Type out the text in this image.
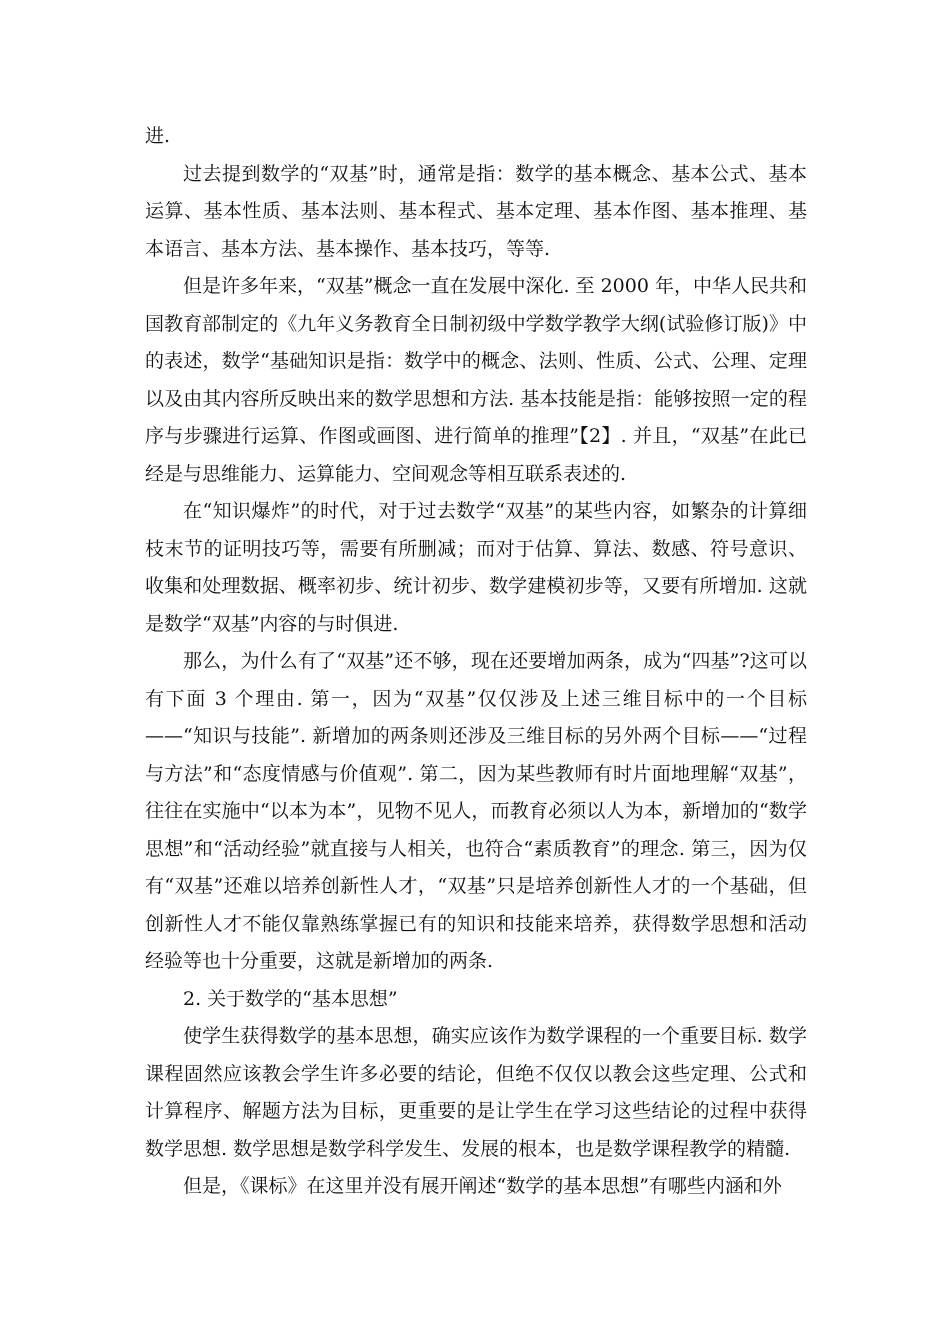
进.

过去提到数学的“双基”时，通常是指：数学的基本概念、基本公式、基本运算、基本性质、基本法则、基本程式、基本定理、基本作图、基本推理、基本语言、基本方法、基本操作、基本技巧，等等.

但是许多年来，“双基”概念一直在发展中深化. 至 2000 年，中华人民共和国教育部制定的《九年义务教育全日制初级中学数学教学大纲(试验修订版)》中的表述，数学“基础知识是指：数学中的概念、法则、性质、公式、公理、定理以及由其内容所反映出来的数学思想和方法. 基本技能是指：能够按照一定的程序与步骤进行运算、作图或画图、进行简单的推理”【2】. 并且，“双基”在此已经是与思维能力、运算能力、空间观念等相互联系表述的.

在“知识爆炸”的时代，对于过去数学“双基”的某些内容，如繁杂的计算细枝末节的证明技巧等，需要有所删减；而对于估算、算法、数感、符号意识、收集和处理数据、概率初步、统计初步、数学建模初步等，又要有所增加. 这就是数学“双基”内容的与时俱进.

那么，为什么有了“双基”还不够，现在还要增加两条，成为“四基”?这可以有下面 3 个理由. 第一，因为“双基”仅仅涉及上述三维目标中的一个目标——“知识与技能”. 新增加的两条则还涉及三维目标的另外两个目标——“过程与方法”和“态度情感与价值观”. 第二，因为某些教师有时片面地理解“双基”，往往在实施中“以本为本”，见物不见人，而教育必须以人为本，新增加的“数学思想”和“活动经验”就直接与人相关，也符合“素质教育”的理念. 第三，因为仅有“双基”还难以培养创新性人才，“双基”只是培养创新性人才的一个基础，但创新性人才不能仅靠熟练掌握已有的知识和技能来培养，获得数学思想和活动经验等也十分重要，这就是新增加的两条.

2. 关于数学的“基本思想”

使学生获得数学的基本思想，确实应该作为数学课程的一个重要目标. 数学课程固然应该教会学生许多必要的结论，但绝不仅仅以教会这些定理、公式和计算程序、解题方法为目标，更重要的是让学生在学习这些结论的过程中获得数学思想. 数学思想是数学科学发生、发展的根本，也是数学课程教学的精髓.

但是，《课标》在这里并没有展开阐述“数学的基本思想”有哪些内涵和外
